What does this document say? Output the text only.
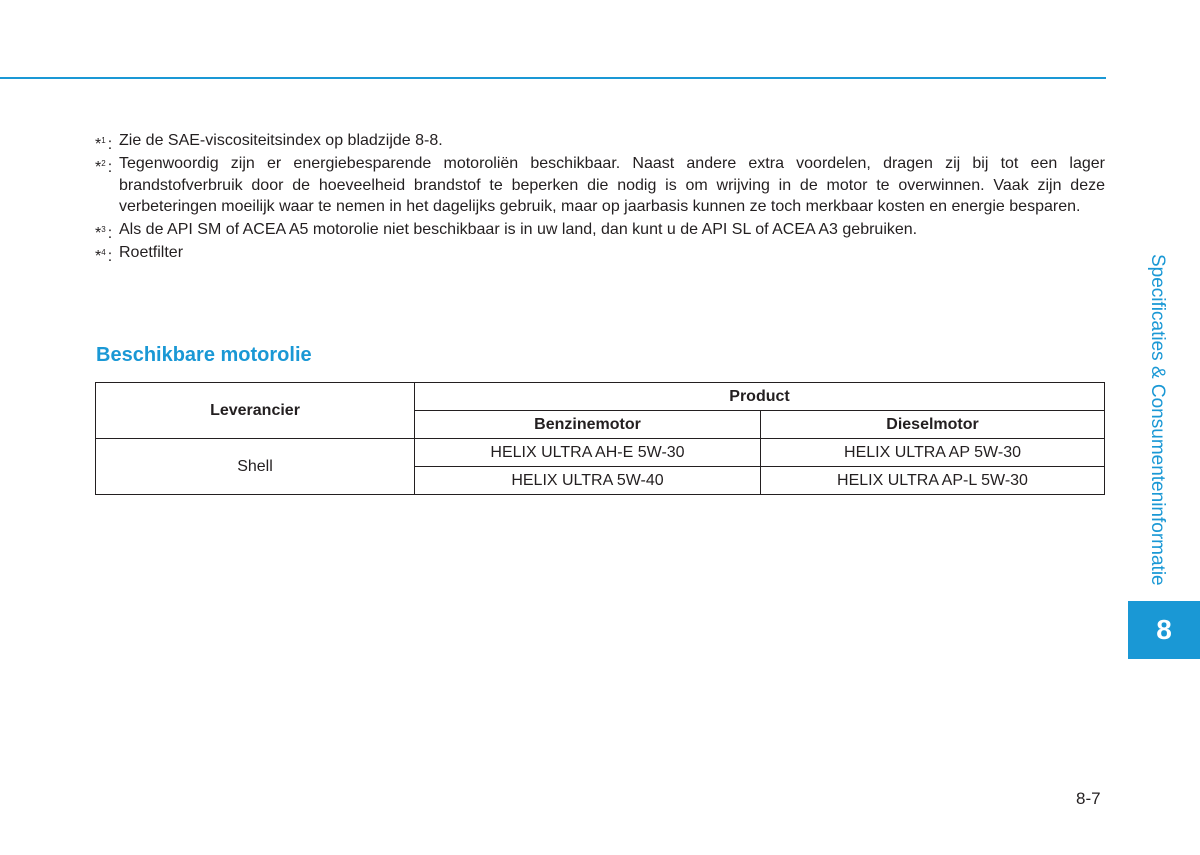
*$^1$ : Zie de SAE-viscositeitsindex op bladzijde 8-8.

*$^2$ : Tegenwoordig zijn er energiebesparende motoroliën beschikbaar. Naast andere extra voordelen, dragen zij bij tot een lager brandstofverbruik door de hoeveelheid brandstof te beperken die nodig is om wrijving in de motor te overwinnen. Vaak zijn deze verbeteringen moeilijk waar te nemen in het dagelijks gebruik, maar op jaarbasis kunnen ze toch merkbaar kosten en energie besparen.

*$^3$ : Als de API SM of ACEA A5 motorolie niet beschikbaar is in uw land, dan kunt u de API SL of ACEA A3 gebruiken.

*$^4$ : Roetfilter

Beschikbare motorolie
Leverancier	Product	
	Benzinemotor	Dieselmotor
Shell	HELIX ULTRA AH-E 5W-30	HELIX ULTRA AP 5W-30
	HELIX ULTRA 5W-40	HELIX ULTRA AP-L 5W-30	Specificaties & Consumenteninformatie
8
8-7
